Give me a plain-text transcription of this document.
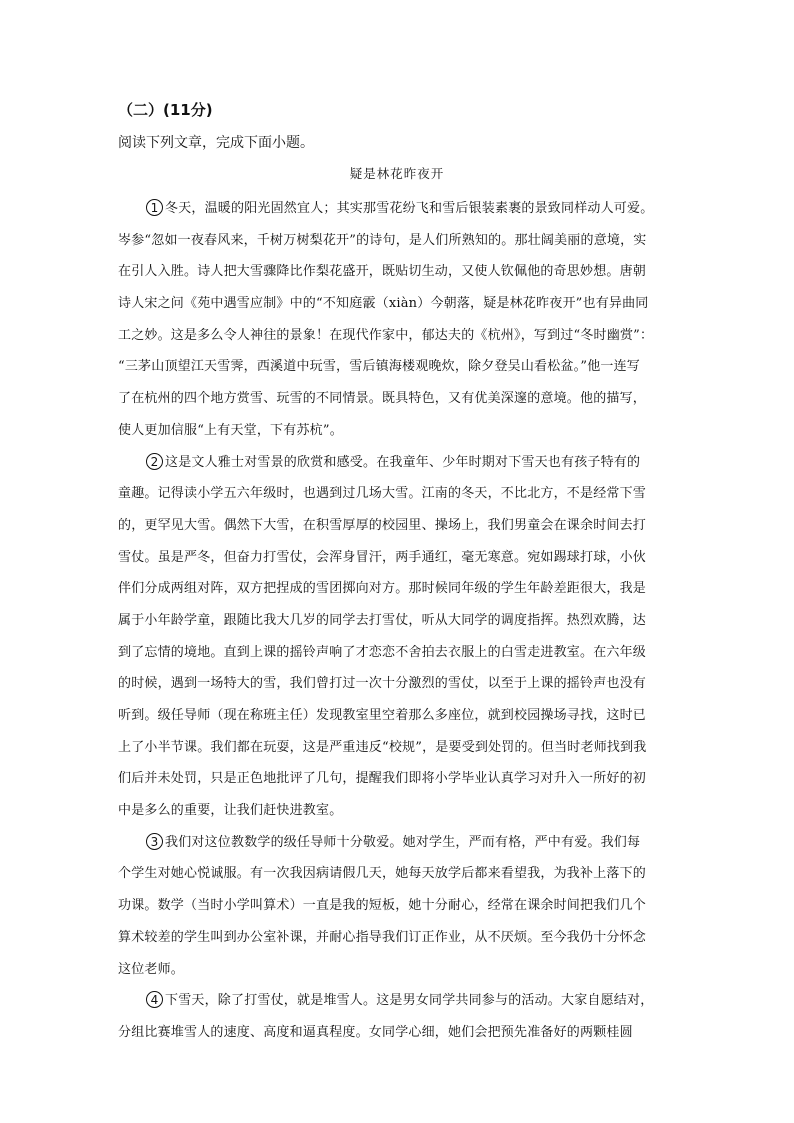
（二）(11分)
阅读下列文章，完成下面小题。
疑是林花昨夜开
1 冬天，温暖的阳光固然宜人；其实那雪花纷飞和雪后银装素裹的景致同样动人可爱。
岑参“忽如一夜春风来，千树万树梨花开”的诗句，是人们所熟知的。那壮阔美丽的意境，实
在引人入胜。诗人把大雪骤降比作梨花盛开，既贴切生动，又使人钦佩他的奇思妙想。唐朝
诗人宋之问《苑中遇雪应制》中的“不知庭霰（xiàn）今朝落，疑是林花昨夜开”也有异曲同
工之妙。这是多么令人神往的景象！在现代作家中，郁达夫的《杭州》，写到过“冬时幽赏”：
“三茅山顶望江天雪霁，西溪道中玩雪，雪后镇海楼观晚炊，除夕登吴山看松盆。”他一连写
了在杭州的四个地方赏雪、玩雪的不同情景。既具特色，又有优美深邃的意境。他的描写，
使人更加信服“上有天堂，下有苏杭”。
2 这是文人雅士对雪景的欣赏和感受。在我童年、少年时期对下雪天也有孩子特有的
童趣。记得读小学五六年级时，也遇到过几场大雪。江南的冬天，不比北方，不是经常下雪
的，更罕见大雪。偶然下大雪，在积雪厚厚的校园里、操场上，我们男童会在课余时间去打
雪仗。虽是严冬，但奋力打雪仗，会浑身冒汗，两手通红，毫无寒意。宛如踢球打球，小伙
伴们分成两组对阵，双方把捏成的雪团掷向对方。那时候同年级的学生年龄差距很大，我是
属于小年龄学童，跟随比我大几岁的同学去打雪仗，听从大同学的调度指挥。热烈欢腾，达
到了忘情的境地。直到上课的摇铃声响了才恋恋不舍拍去衣服上的白雪走进教室。在六年级
的时候，遇到一场特大的雪，我们曾打过一次十分激烈的雪仗，以至于上课的摇铃声也没有
听到。级任导师（现在称班主任）发现教室里空着那么多座位，就到校园操场寻找，这时已
上了小半节课。我们都在玩耍，这是严重违反“校规”，是要受到处罚的。但当时老师找到我
们后并未处罚，只是正色地批评了几句，提醒我们即将小学毕业认真学习对升入一所好的初
中是多么的重要，让我们赶快进教室。
3 我们对这位教数学的级任导师十分敬爱。她对学生，严而有格，严中有爱。我们每
个学生对她心悦诚服。有一次我因病请假几天，她每天放学后都来看望我，为我补上落下的
功课。数学（当时小学叫算术）一直是我的短板，她十分耐心，经常在课余时间把我们几个
算术较差的学生叫到办公室补课，并耐心指导我们订正作业，从不厌烦。至今我仍十分怀念
这位老师。
4 下雪天，除了打雪仗，就是堆雪人。这是男女同学共同参与的活动。大家自愿结对，
分组比赛堆雪人的速度、高度和逼真程度。女同学心细，她们会把预先准备好的两颗桂圆
